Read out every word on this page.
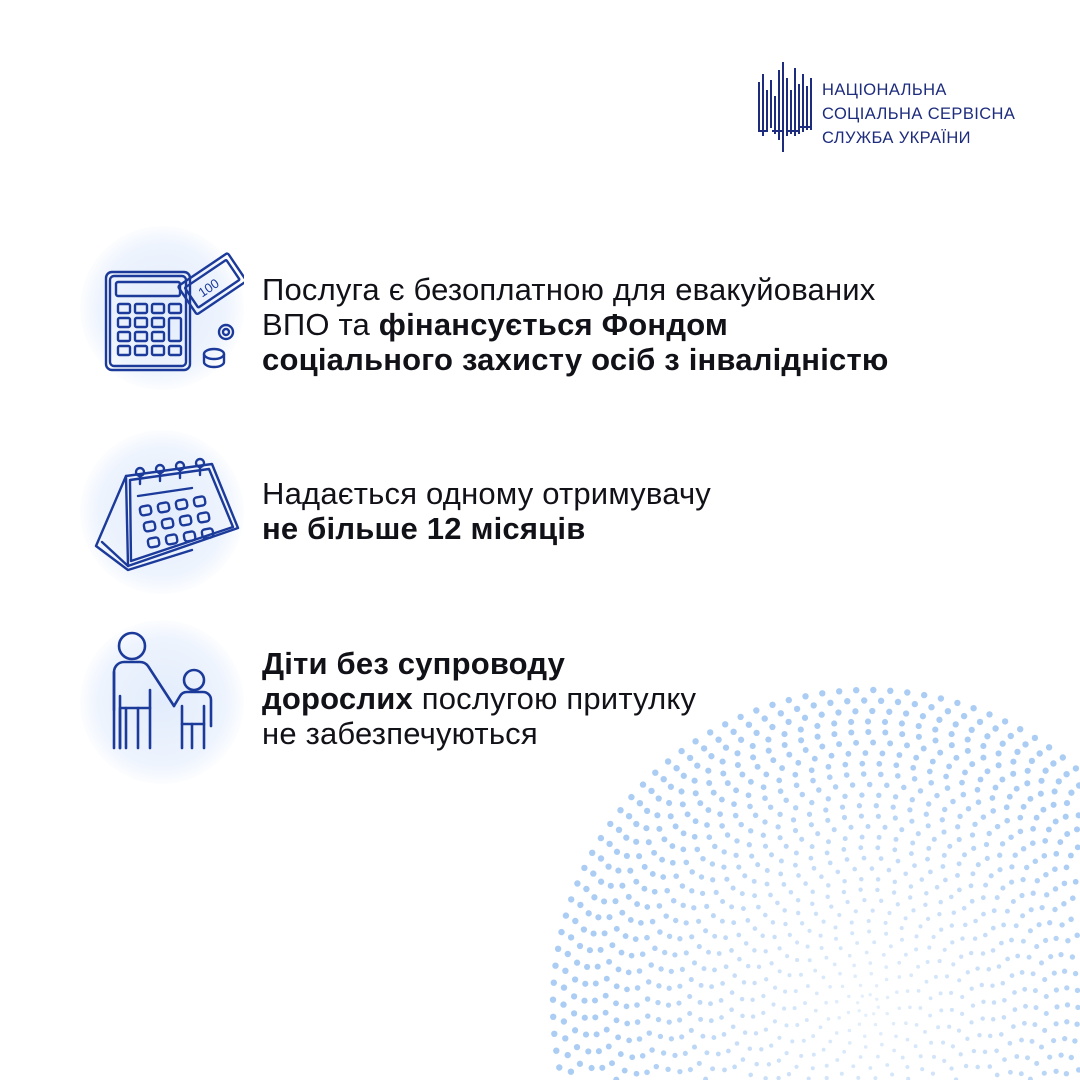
НАЦІОНАЛЬНА
СОЦІАЛЬНА СЕРВІСНА
СЛУЖБА УКРАЇНИ
100 Послуга є безоплатною для евакуйованих
ВПО та фінансується Фондом
соціального захисту осіб з інвалідністю
Надається одному отримувачу
не більше 12 місяців
Діти без супроводу
дорослих послугою притулку
не забезпечуються
